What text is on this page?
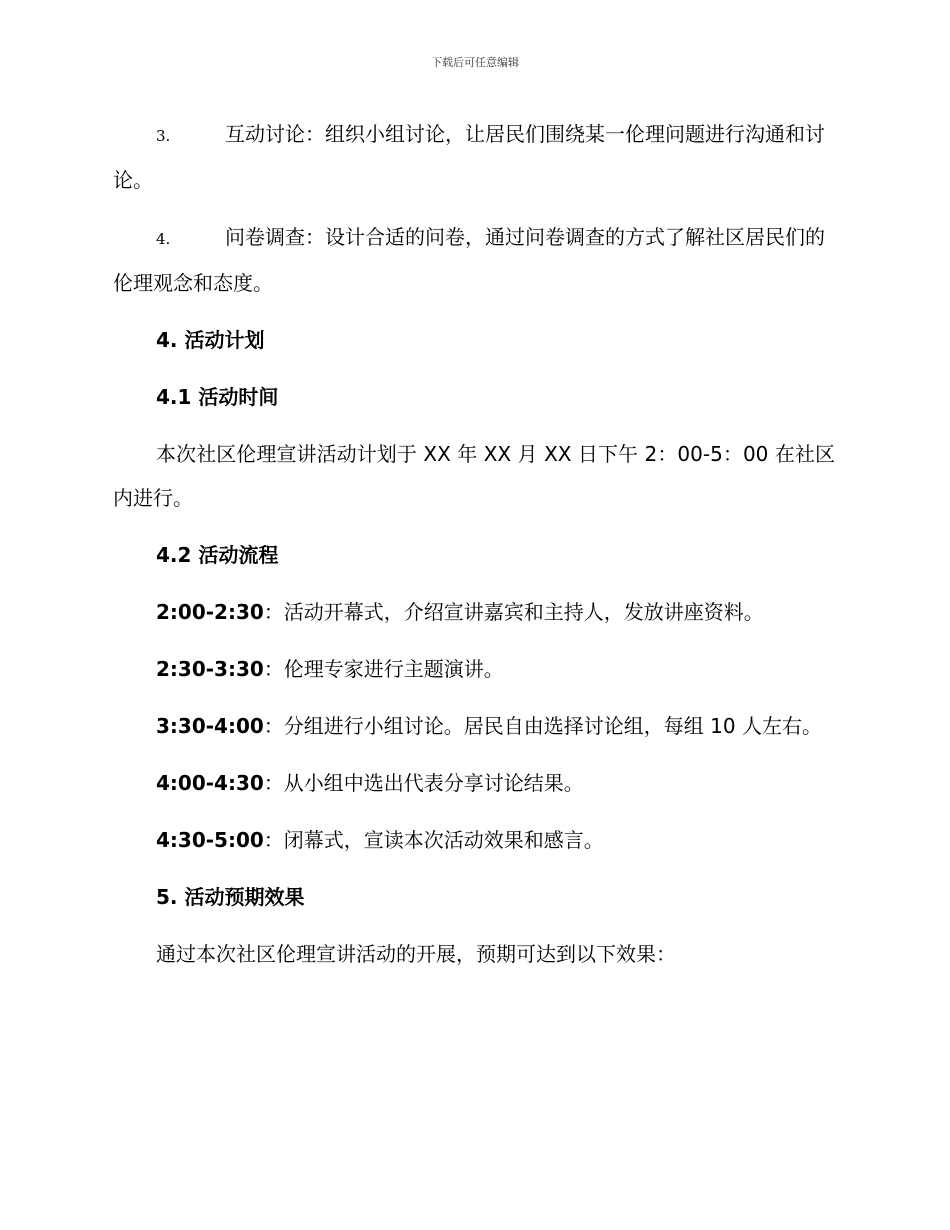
下载后可任意编辑
3.	互动讨论：组织小组讨论，让居民们围绕某一伦理问题进行沟通和讨论。
4.	问卷调查：设计合适的问卷，通过问卷调查的方式了解社区居民们的伦理观念和态度。
4. 活动计划
4.1 活动时间
本次社区伦理宣讲活动计划于 XX 年 XX 月 XX 日下午 2：00-5：00 在社区内进行。
4.2 活动流程
2:00-2:30：活动开幕式，介绍宣讲嘉宾和主持人，发放讲座资料。
2:30-3:30：伦理专家进行主题演讲。
3:30-4:00：分组进行小组讨论。居民自由选择讨论组，每组 10 人左右。
4:00-4:30：从小组中选出代表分享讨论结果。
4:30-5:00：闭幕式，宣读本次活动效果和感言。
5. 活动预期效果
通过本次社区伦理宣讲活动的开展，预期可达到以下效果：
